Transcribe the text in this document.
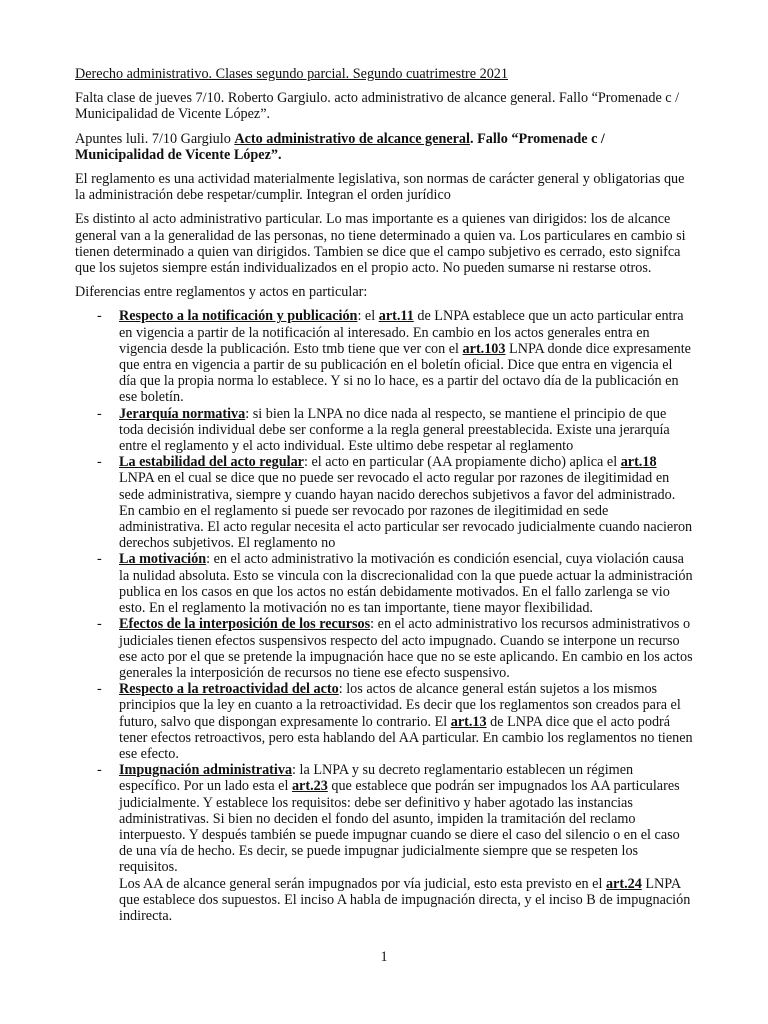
Derecho administrativo. Clases segundo parcial. Segundo cuatrimestre 2021

Falta clase de jueves 7/10. Roberto Gargiulo. acto administrativo de alcance general. Fallo “Promenade c / Municipalidad de Vicente López”.

Apuntes luli. 7/10 Gargiulo Acto administrativo de alcance general. Fallo “Promenade c / Municipalidad de Vicente López”.

El reglamento es una actividad materialmente legislativa, son normas de carácter general y obligatorias que la administración debe respetar/cumplir. Integran el orden jurídico

Es distinto al acto administrativo particular. Lo mas importante es a quienes van dirigidos: los de alcance general van a la generalidad de las personas, no tiene determinado a quien va. Los particulares en cambio si tienen determinado a quien van dirigidos. Tambien se dice que el campo subjetivo es cerrado, esto signifca que los sujetos siempre están individualizados en el propio acto. No pueden sumarse ni restarse otros.

Diferencias entre reglamentos y actos en particular:

- Respecto a la notificación y publicación: el art.11 de LNPA establece que un acto particular entra en vigencia a partir de la notificación al interesado. En cambio en los actos generales entra en vigencia desde la publicación. Esto tmb tiene que ver con el art.103 LNPA donde dice expresamente que entra en vigencia a partir de su publicación en el boletín oficial. Dice que entra en vigencia el día que la propia norma lo establece. Y si no lo hace, es a partir del octavo día de la publicación en ese boletín.
- Jerarquía normativa: si bien la LNPA no dice nada al respecto, se mantiene el principio de que toda decisión individual debe ser conforme a la regla general preestablecida. Existe una jerarquía entre el reglamento y el acto individual. Este ultimo debe respetar al reglamento
- La estabilidad del acto regular: el acto en particular (AA propiamente dicho) aplica el art.18 LNPA en el cual se dice que no puede ser revocado el acto regular por razones de ilegitimidad en sede administrativa, siempre y cuando hayan nacido derechos subjetivos a favor del administrado. En cambio en el reglamento si puede ser revocado por razones de ilegitimidad en sede administrativa. El acto regular necesita el acto particular ser revocado judicialmente cuando nacieron derechos subjetivos. El reglamento no
- La motivación: en el acto administrativo la motivación es condición esencial, cuya violación causa la nulidad absoluta. Esto se vincula con la discrecionalidad con la que puede actuar la administración publica en los casos en que los actos no están debidamente motivados. En el fallo zarlenga se vio esto. En el reglamento la motivación no es tan importante, tiene mayor flexibilidad.
- Efectos de la interposición de los recursos: en el acto administrativo los recursos administrativos o judiciales tienen efectos suspensivos respecto del acto impugnado. Cuando se interpone un recurso ese acto por el que se pretende la impugnación hace que no se este aplicando. En cambio en los actos generales la interposición de recursos no tiene ese efecto suspensivo.
- Respecto a la retroactividad del acto: los actos de alcance general están sujetos a los mismos principios que la ley en cuanto a la retroactividad. Es decir que los reglamentos son creados para el futuro, salvo que dispongan expresamente lo contrario. El art.13 de LNPA dice que el acto podrá tener efectos retroactivos, pero esta hablando del AA particular. En cambio los reglamentos no tienen ese efecto.
- Impugnación administrativa: la LNPA y su decreto reglamentario establecen un régimen específico. Por un lado esta el art.23 que establece que podrán ser impugnados los AA particulares judicialmente. Y establece los requisitos: debe ser definitivo y haber agotado las instancias administrativas. Si bien no deciden el fondo del asunto, impiden la tramitación del reclamo interpuesto. Y después también se puede impugnar cuando se diere el caso del silencio o en el caso de una vía de hecho. Es decir, se puede impugnar judicialmente siempre que se respeten los requisitos.
Los AA de alcance general serán impugnados por vía judicial, esto esta previsto en el art.24 LNPA que establece dos supuestos. El inciso A habla de impugnación directa, y el inciso B de impugnación indirecta.
1
